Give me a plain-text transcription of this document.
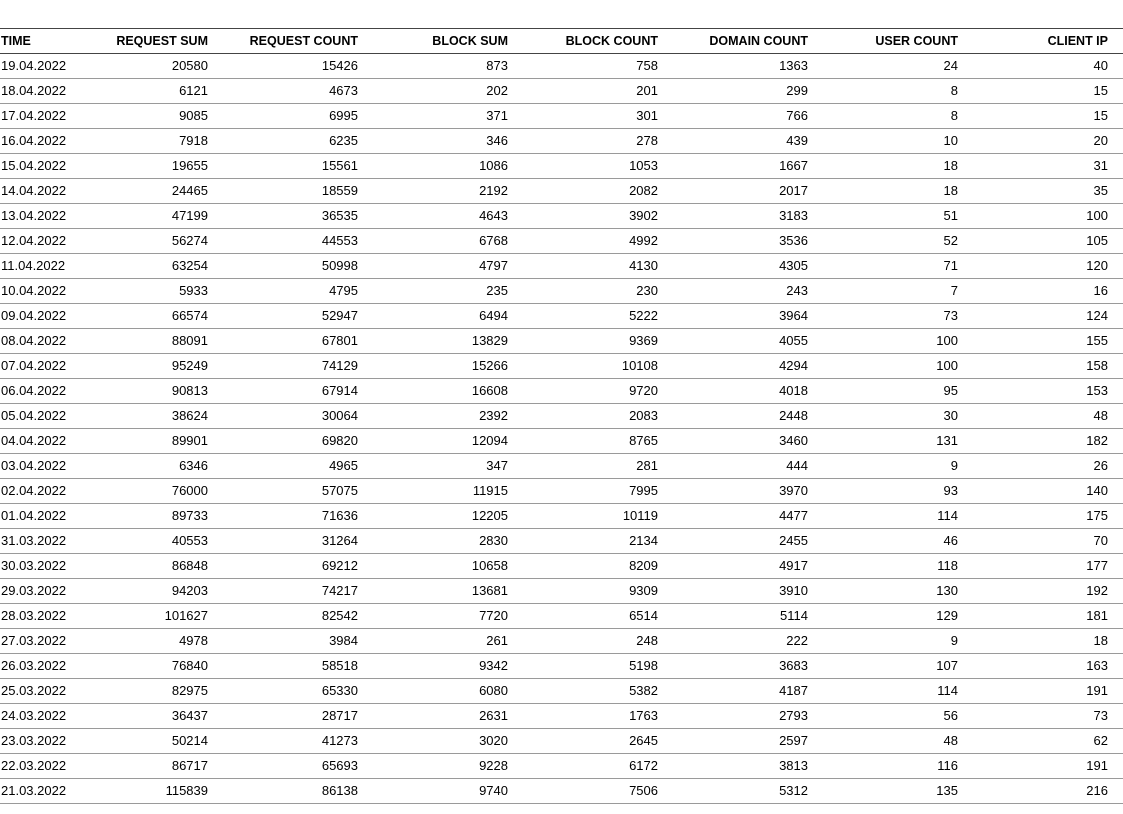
TIME	REQUEST SUM	REQUEST COUNT	BLOCK SUM	BLOCK COUNT	DOMAIN COUNT	USER COUNT	CLIENT IP
19.04.2022	20580	15426	873	758	1363	24	40
18.04.2022	6121	4673	202	201	299	8	15
17.04.2022	9085	6995	371	301	766	8	15
16.04.2022	7918	6235	346	278	439	10	20
15.04.2022	19655	15561	1086	1053	1667	18	31
14.04.2022	24465	18559	2192	2082	2017	18	35
13.04.2022	47199	36535	4643	3902	3183	51	100
12.04.2022	56274	44553	6768	4992	3536	52	105
11.04.2022	63254	50998	4797	4130	4305	71	120
10.04.2022	5933	4795	235	230	243	7	16
09.04.2022	66574	52947	6494	5222	3964	73	124
08.04.2022	88091	67801	13829	9369	4055	100	155
07.04.2022	95249	74129	15266	10108	4294	100	158
06.04.2022	90813	67914	16608	9720	4018	95	153
05.04.2022	38624	30064	2392	2083	2448	30	48
04.04.2022	89901	69820	12094	8765	3460	131	182
03.04.2022	6346	4965	347	281	444	9	26
02.04.2022	76000	57075	11915	7995	3970	93	140
01.04.2022	89733	71636	12205	10119	4477	114	175
31.03.2022	40553	31264	2830	2134	2455	46	70
30.03.2022	86848	69212	10658	8209	4917	118	177
29.03.2022	94203	74217	13681	9309	3910	130	192
28.03.2022	101627	82542	7720	6514	5114	129	181
27.03.2022	4978	3984	261	248	222	9	18
26.03.2022	76840	58518	9342	5198	3683	107	163
25.03.2022	82975	65330	6080	5382	4187	114	191
24.03.2022	36437	28717	2631	1763	2793	56	73
23.03.2022	50214	41273	3020	2645	2597	48	62
22.03.2022	86717	65693	9228	6172	3813	116	191
21.03.2022	115839	86138	9740	7506	5312	135	216
